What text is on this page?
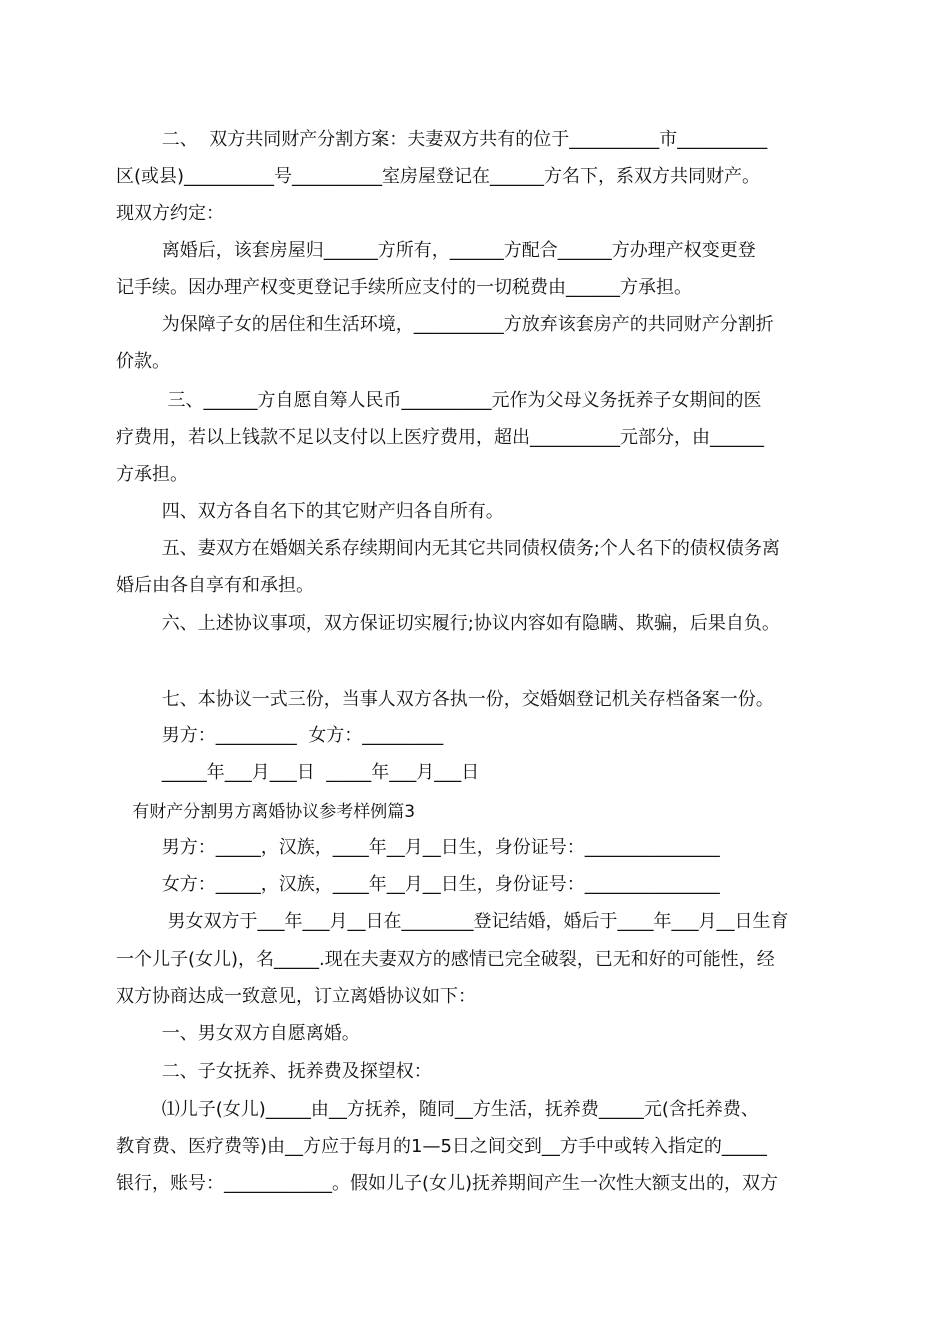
二、  双方共同财产分割方案：夫妻双方共有的位于__________市__________

区(或县)__________号__________室房屋登记在______方名下，系双方共同财产。

现双方约定：

离婚后，该套房屋归______方所有，______方配合______方办理产权变更登

记手续。因办理产权变更登记手续所应支付的一切税费由______方承担。

为保障子女的居住和生活环境，__________方放弃该套房产的共同财产分割折

价款。

三、______方自愿自筹人民币__________元作为父母义务抚养子女期间的医

疗费用，若以上钱款不足以支付以上医疗费用，超出__________元部分，由______

方承担。

四、双方各自名下的其它财产归各自所有。

五、妻双方在婚姻关系存续期间内无其它共同债权债务;个人名下的债权债务离

婚后由各自享有和承担。

六、上述协议事项，双方保证切实履行;协议内容如有隐瞒、欺骗，后果自负。

七、本协议一式三份，当事人双方各执一份，交婚姻登记机关存档备案一份。

男方：_________  女方：_________

_____年___月___日  _____年___月___日

有财产分割男方离婚协议参考样例篇3

男方：_____，汉族，____年__月__日生，身份证号：_______________

女方：_____，汉族，____年__月__日生，身份证号：_______________

男女双方于___年___月__日在________登记结婚，婚后于____年___月__日生育

一个儿子(女儿)，名_____.现在夫妻双方的感情已完全破裂，已无和好的可能性，经

双方协商达成一致意见，订立离婚协议如下：

一、男女双方自愿离婚。

二、子女抚养、抚养费及探望权：

⑴儿子(女儿)_____由__方抚养，随同__方生活，抚养费_____元(含托养费、

教育费、医疗费等)由__方应于每月的1—5日之间交到__方手中或转入指定的_____

银行，账号：____________。假如儿子(女儿)抚养期间产生一次性大额支出的，双方
